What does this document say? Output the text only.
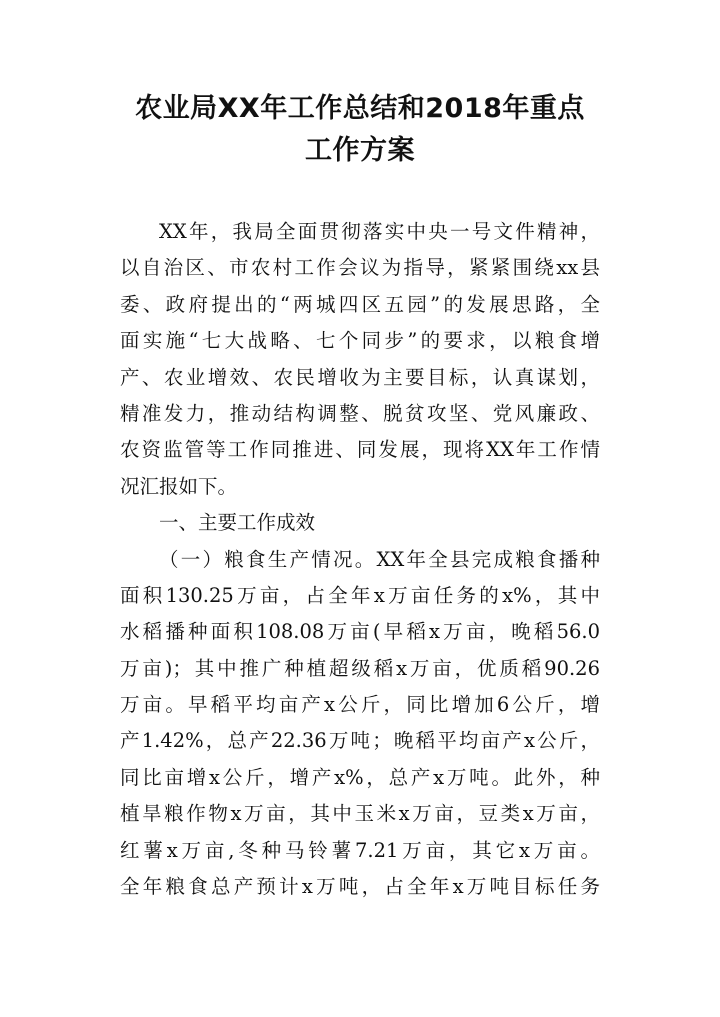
农业局XX年工作总结和2018年重点
工作方案
XX年，我局全面贯彻落实中央一号文件精神，
以自治区、市农村工作会议为指导，紧紧围绕xx县
委、政府提出的“两城四区五园”的发展思路，全
面实施“七大战略、七个同步”的要求，以粮食增
产、农业增效、农民增收为主要目标，认真谋划，
精准发力，推动结构调整、脱贫攻坚、党风廉政、
农资监管等工作同推进、同发展，现将XX年工作情
况汇报如下。
一、主要工作成效
（一）粮食生产情况。XX年全县完成粮食播种
面积130.25万亩，占全年x万亩任务的x%，其中
水稻播种面积108.08万亩(早稻x万亩，晚稻56.0
万亩)；其中推广种植超级稻x万亩，优质稻90.26
万亩。早稻平均亩产x公斤，同比增加6公斤，增
产1.42%，总产22.36万吨；晚稻平均亩产x公斤，
同比亩增x公斤，增产x%，总产x万吨。此外，种
植旱粮作物x万亩，其中玉米x万亩，豆类x万亩，
红薯x万亩,冬种马铃薯7.21万亩，其它x万亩。
全年粮食总产预计x万吨，占全年x万吨目标任务
